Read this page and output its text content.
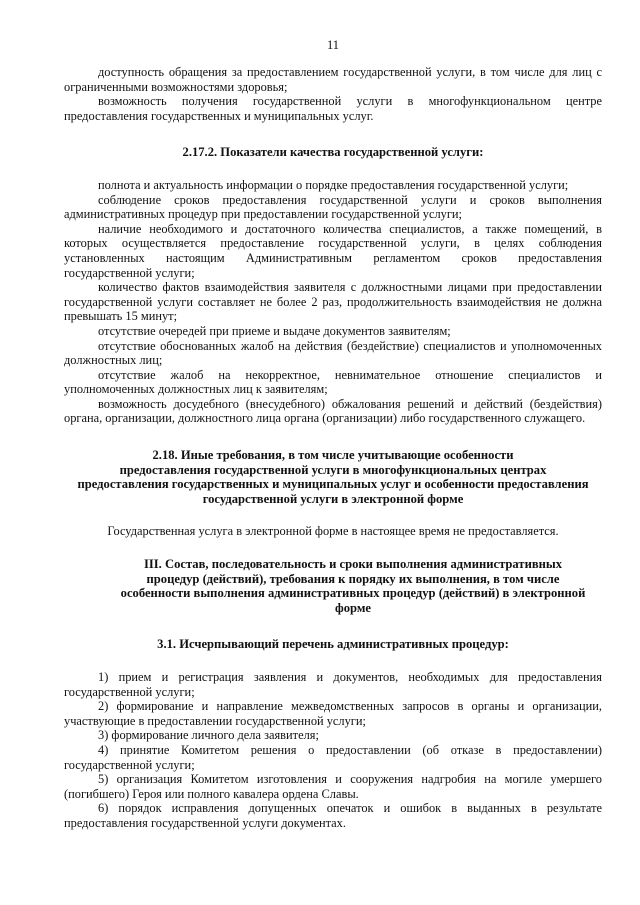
11

доступность обращения за предоставлением государственной услуги, в том числе для лиц с ограниченными возможностями здоровья;

возможность получения государственной услуги в многофункциональном центре предоставления государственных и муниципальных услуг.

2.17.2. Показатели качества государственной услуги:

полнота и актуальность информации о порядке предоставления государственной услуги;

соблюдение сроков предоставления государственной услуги и сроков выполнения административных процедур при предоставлении государственной услуги;

наличие необходимого и достаточного количества специалистов, а также помещений, в которых осуществляется предоставление государственной услуги, в целях соблюдения установленных настоящим Административным регламентом сроков предоставления государственной услуги;

количество фактов взаимодействия заявителя с должностными лицами при предоставлении государственной услуги составляет не более 2 раз, продолжительность взаимодействия не должна превышать 15 минут;

отсутствие очередей при приеме и выдаче документов заявителям;

отсутствие обоснованных жалоб на действия (бездействие) специалистов и уполномоченных должностных лиц;

отсутствие жалоб на некорректное, невнимательное отношение специалистов и уполномоченных должностных лиц к заявителям;

возможность досудебного (внесудебного) обжалования решений и действий (бездействия) органа, организации, должностного лица органа (организации) либо государственного служащего.

2.18. Иные требования, в том числе учитывающие особенности

предоставления государственной услуги в многофункциональных центрах

предоставления государственных и муниципальных услуг и особенности предоставления

государственной услуги в электронной форме

Государственная услуга в электронной форме в настоящее время не предоставляется.

III. Состав, последовательность и сроки выполнения административных

процедур (действий), требования к порядку их выполнения, в том числе

особенности выполнения административных процедур (действий) в электронной

форме

3.1. Исчерпывающий перечень административных процедур:

1) прием и регистрация заявления и документов, необходимых для предоставления государственной услуги;

2) формирование и направление межведомственных запросов в органы и организации, участвующие в предоставлении государственной услуги;

3) формирование личного дела заявителя;

4) принятие Комитетом решения о предоставлении (об отказе в предоставлении) государственной услуги;

5) организация Комитетом изготовления и сооружения надгробия на могиле умершего (погибшего) Героя или полного кавалера ордена Славы.

6) порядок исправления допущенных опечаток и ошибок в выданных в результате предоставления государственной услуги документах.
